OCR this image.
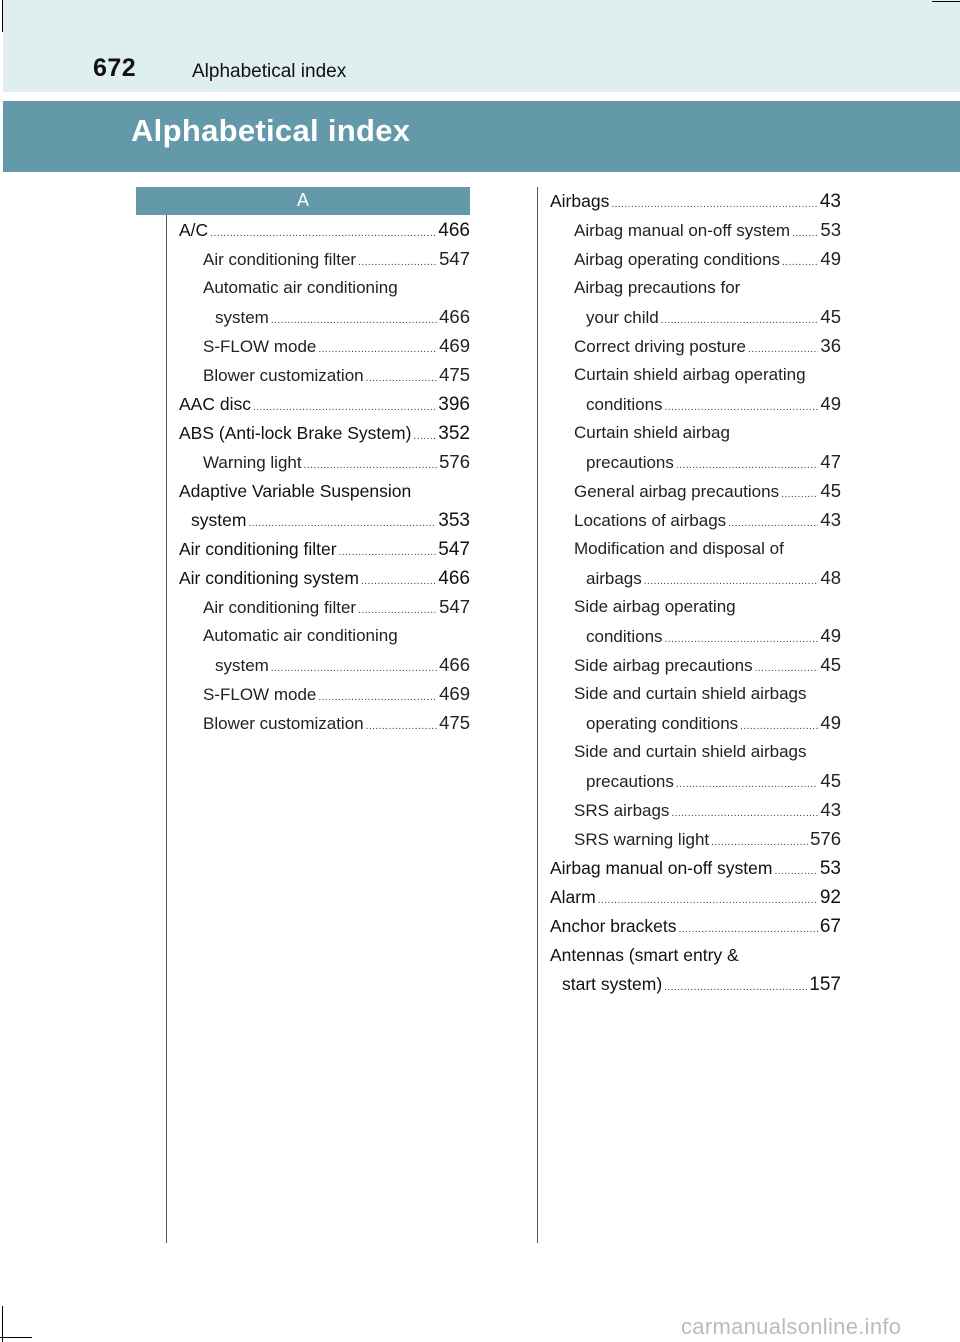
672	Alphabetical index
Alphabetical index
A
A/C .....	466
Air conditioning filter .....	547
Automatic air conditioning
system .....	466
S-FLOW mode .....	469
Blower customization .....	475
AAC disc .....	396
ABS (Anti-lock Brake System) ..... 352
Warning light .....	576
Adaptive Variable Suspension
system .....	353
Air conditioning filter .....	547
Air conditioning system .....	466
Air conditioning filter .....	547
Automatic air conditioning
system .....	466
S-FLOW mode .....	469
Blower customization .....	475
Airbags .....	43
Airbag manual on-off system ..... 53
Airbag operating conditions ..... 49
Airbag precautions for
your child .....	45
Correct driving posture .....	36
Curtain shield airbag operating
conditions .....	49
Curtain shield airbag
precautions .....	47
General airbag precautions ..... 45
Locations of airbags .....	43
Modification and disposal of
airbags .....	48
Side airbag operating
conditions .....	49
Side airbag precautions .....	45
Side and curtain shield airbags
operating conditions .....	49
Side and curtain shield airbags
precautions .....	45
SRS airbags .....	43
SRS warning light .....	576
Airbag manual on-off system ..... 53
Alarm .....	92
Anchor brackets .....	67
Antennas (smart entry &
start system) .....	157
carmanualsonline.info
